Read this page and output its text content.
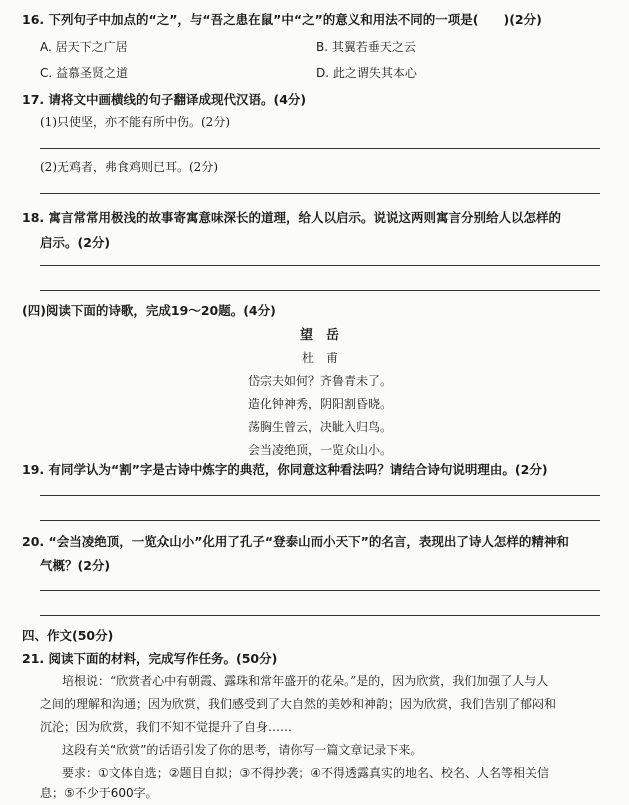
16. 下列句子中加点的“之”，与“吾之患在鼠”中“之”的意义和用法不同的一项是(　　)(2分)
A. 居天下之广居	B. 其翼若垂天之云
C. 益慕圣贤之道	D. 此之谓失其本心
17. 请将文中画横线的句子翻译成现代汉语。(4分)
(1)只使坚，亦不能有所中伤。(2分)
(2)无鸡者，弗食鸡则已耳。(2分)
18. 寓言常常用极浅的故事寄寓意味深长的道理，给人以启示。说说这两则寓言分别给人以怎样的
启示。(2分)
(四)阅读下面的诗歌，完成19～20题。(4分)
望　岳
杜　甫
岱宗夫如何？齐鲁青未了。
造化钟神秀，阴阳割昏晓。
荡胸生曾云，决眦入归鸟。
会当凌绝顶，一览众山小。
19. 有同学认为“割”字是古诗中炼字的典范，你同意这种看法吗？请结合诗句说明理由。(2分)
20. “会当凌绝顶，一览众山小”化用了孔子“登泰山而小天下”的名言，表现出了诗人怎样的精神和
气概？(2分)
四、作文(50分)
21. 阅读下面的材料，完成写作任务。(50分)
培根说：“欣赏者心中有朝霞、露珠和常年盛开的花朵。”是的，因为欣赏，我们加强了人与人
之间的理解和沟通；因为欣赏，我们感受到了大自然的美妙和神韵；因为欣赏，我们告别了郁闷和
沉沦；因为欣赏，我们不知不觉提升了自身……
这段有关“欣赏”的话语引发了你的思考，请你写一篇文章记录下来。
要求：①文体自选；②题目自拟；③不得抄袭；④不得透露真实的地名、校名、人名等相关信
息；⑤不少于600字。
